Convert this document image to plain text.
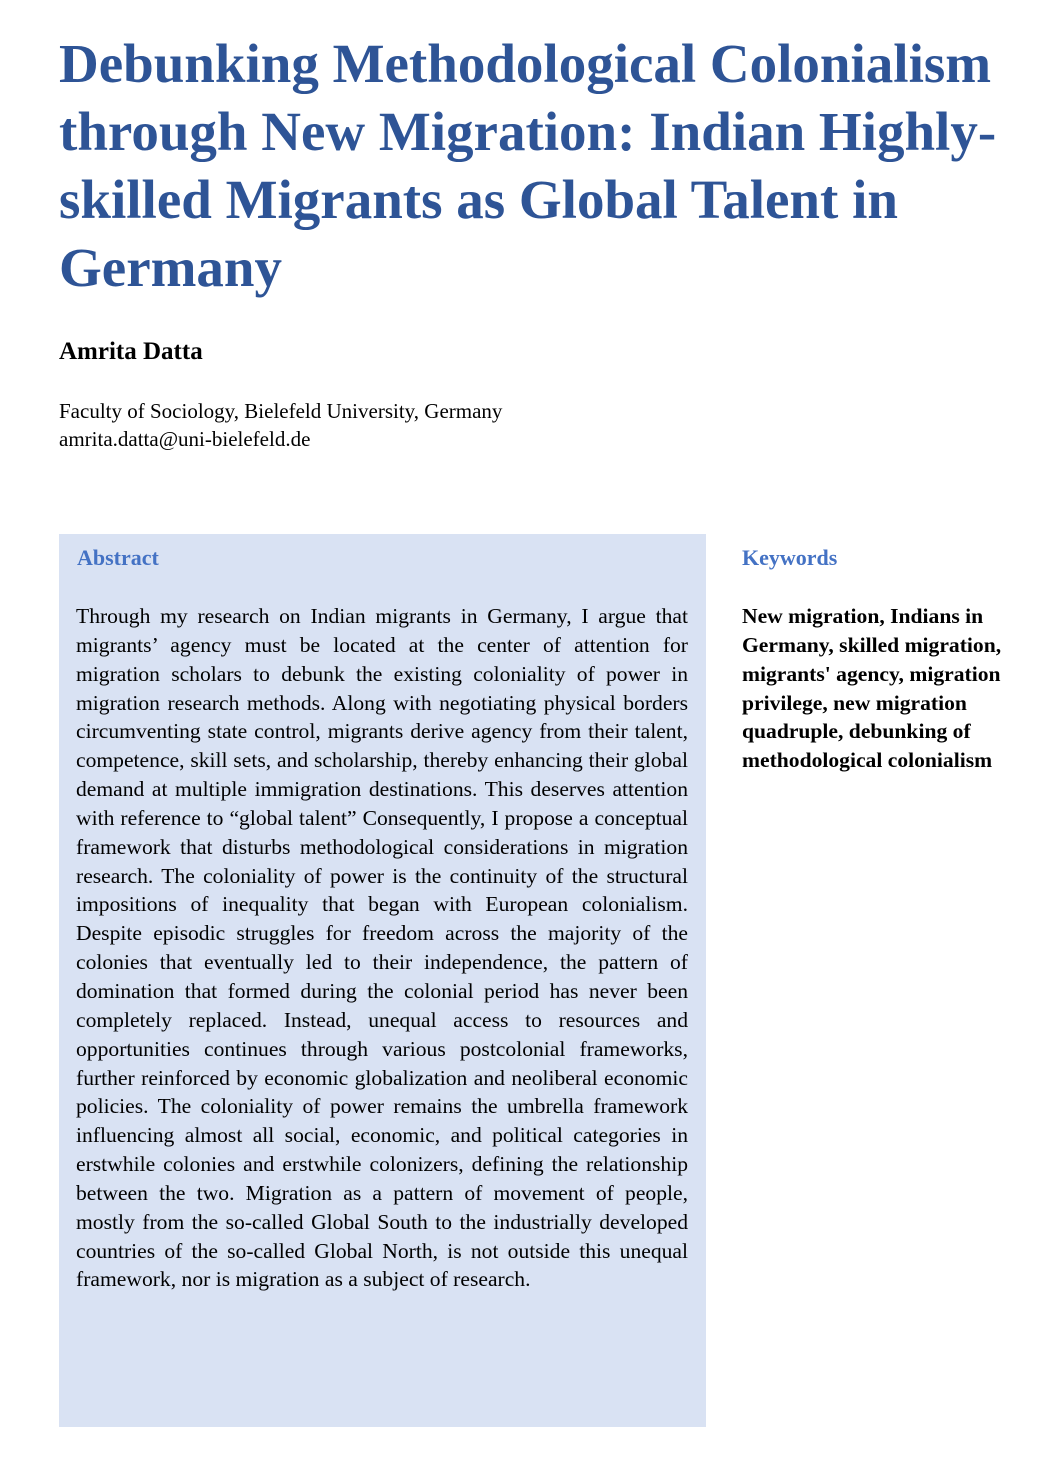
Debunking Methodological Colonialism through New Migration: Indian Highly-skilled Migrants as Global Talent in Germany
Amrita Datta
Faculty of Sociology, Bielefeld University, Germany
amrita.datta@uni-bielefeld.de
Abstract

Through my research on Indian migrants in Germany, I argue that migrants’ agency must be located at the center of attention for migration scholars to debunk the existing coloniality of power in migration research methods. Along with negotiating physical borders circumventing state control, migrants derive agency from their talent, competence, skill sets, and scholarship, thereby enhancing their global demand at multiple immigration destinations. This deserves attention with reference to “global talent” Consequently, I propose a conceptual framework that disturbs methodological considerations in migration research. The coloniality of power is the continuity of the structural impositions of inequality that began with European colonialism. Despite episodic struggles for freedom across the majority of the colonies that eventually led to their independence, the pattern of domination that formed during the colonial period has never been completely replaced. Instead, unequal access to resources and opportunities continues through various postcolonial frameworks, further reinforced by economic globalization and neoliberal economic policies. The coloniality of power remains the umbrella framework influencing almost all social, economic, and political categories in erstwhile colonies and erstwhile colonizers, defining the relationship between the two. Migration as a pattern of movement of people, mostly from the so-called Global South to the industrially developed countries of the so-called Global North, is not outside this unequal framework, nor is migration as a subject of research.

Keywords

New migration, Indians in Germany, skilled migration, migrants' agency, migration privilege, new migration quadruple, debunking of methodological colonialism
